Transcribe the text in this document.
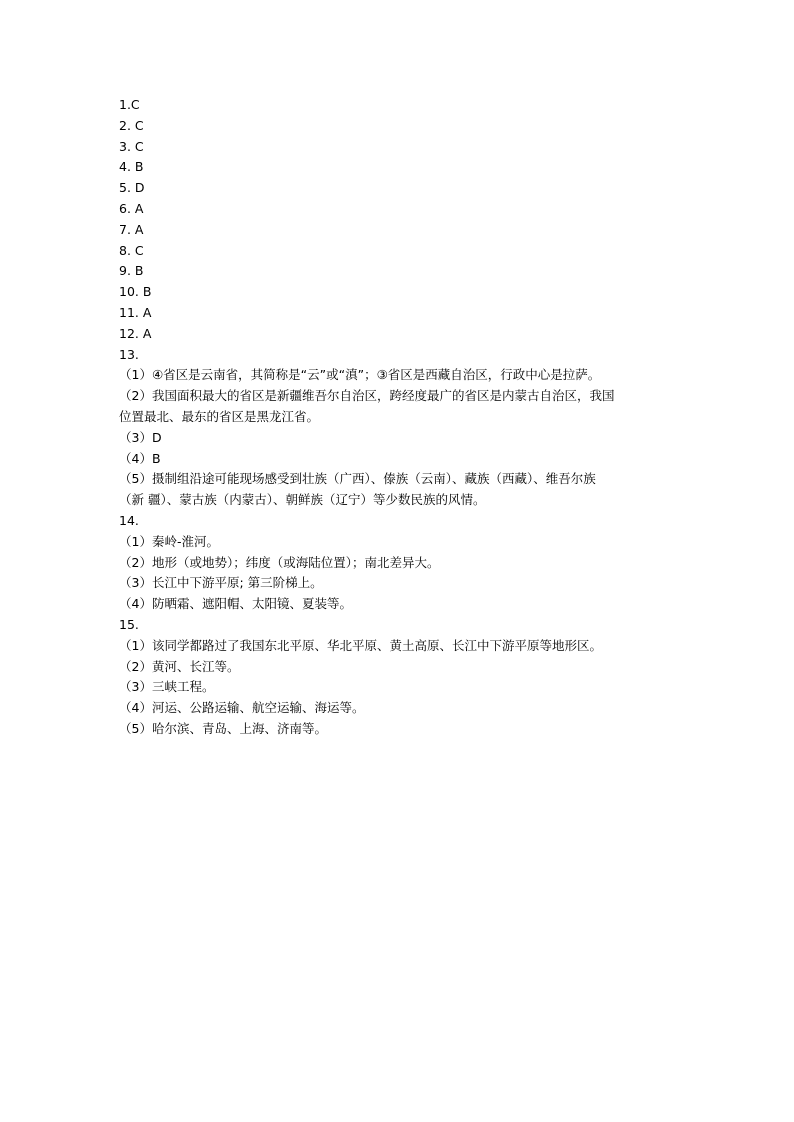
1.C

2. C

3. C

4. B

5. D

6. A

7. A

8. C

9. B

10. B

11. A

12. A

13.

（1）④省区是云南省，其简称是“云”或“滇”；③省区是西藏自治区，行政中心是拉萨。

（2）我国面积最大的省区是新疆维吾尔自治区，跨经度最广的省区是内蒙古自治区，我国

位置最北、最东的省区是黑龙江省。

（3）D

（4）B

（5）摄制组沿途可能现场感受到壮族（广西）、傣族（云南）、藏族（西藏）、维吾尔族

（新 疆）、蒙古族（内蒙古）、朝鲜族（辽宁）等少数民族的风情。

14.

（1）秦岭-淮河。

（2）地形（或地势）；纬度（或海陆位置）；南北差异大。

（3）长江中下游平原; 第三阶梯上。

（4）防晒霜、遮阳帽、太阳镜、夏装等。

15.

（1）该同学都路过了我国东北平原、华北平原、黄土高原、长江中下游平原等地形区。

（2）黄河、长江等。

（3）三峡工程。

（4）河运、公路运输、航空运输、海运等。

（5）哈尔滨、青岛、上海、济南等。
